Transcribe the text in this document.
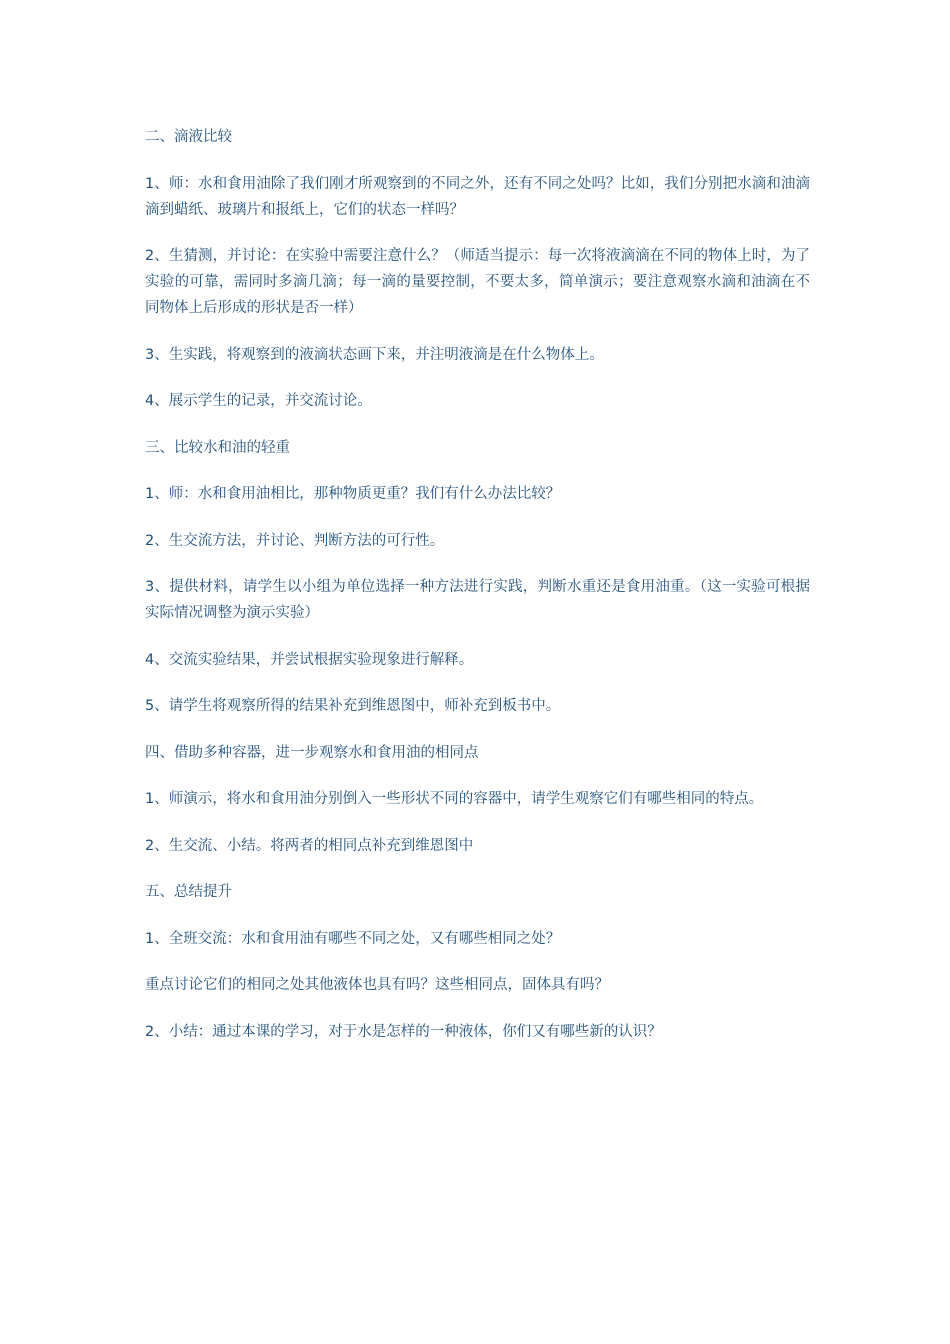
二、滴液比较

1、师：水和食用油除了我们刚才所观察到的不同之外，还有不同之处吗？比如，我们分别把水滴和油滴滴到蜡纸、玻璃片和报纸上，它们的状态一样吗？

2、生猜测，并讨论：在实验中需要注意什么？（师适当提示：每一次将液滴滴在不同的物体上时，为了实验的可靠，需同时多滴几滴；每一滴的量要控制，不要太多，简单演示；要注意观察水滴和油滴在不同物体上后形成的形状是否一样）

3、生实践，将观察到的液滴状态画下来，并注明液滴是在什么物体上。

4、展示学生的记录，并交流讨论。

三、比较水和油的轻重

1、师：水和食用油相比，那种物质更重？我们有什么办法比较？

2、生交流方法，并讨论、判断方法的可行性。

3、提供材料，请学生以小组为单位选择一种方法进行实践，判断水重还是食用油重。（这一实验可根据实际情况调整为演示实验）

4、交流实验结果，并尝试根据实验现象进行解释。

5、请学生将观察所得的结果补充到维恩图中，师补充到板书中。

四、借助多种容器，进一步观察水和食用油的相同点

1、师演示，将水和食用油分别倒入一些形状不同的容器中，请学生观察它们有哪些相同的特点。

2、生交流、小结。将两者的相同点补充到维恩图中

五、总结提升

1、全班交流：水和食用油有哪些不同之处，又有哪些相同之处？

重点讨论它们的相同之处其他液体也具有吗？这些相同点，固体具有吗？

2、小结：通过本课的学习，对于水是怎样的一种液体，你们又有哪些新的认识？
